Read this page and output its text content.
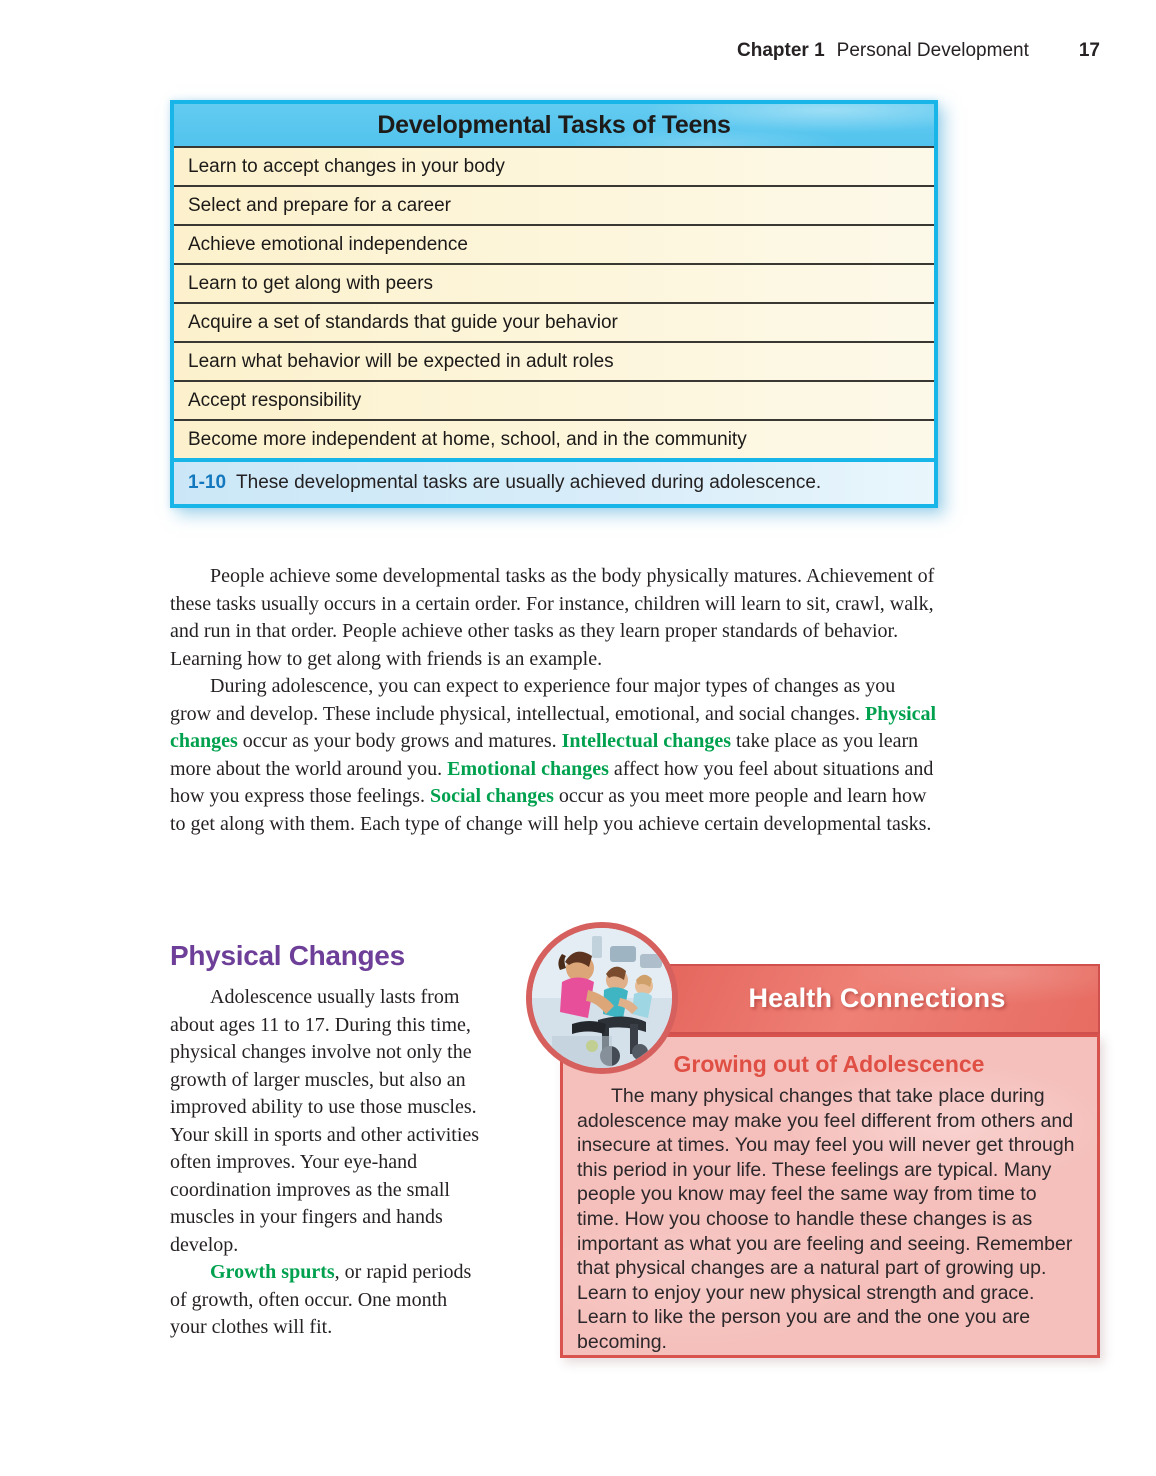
Chapter 1 Personal Development	17
Developmental Tasks of Teens
Learn to accept changes in your body
Select and prepare for a career
Achieve emotional independence
Learn to get along with peers
Acquire a set of standards that guide your behavior
Learn what behavior will be expected in adult roles
Accept responsibility
Become more independent at home, school, and in the community
1-10 These developmental tasks are usually achieved during adolescence.

People achieve some developmental tasks as the body physically matures. Achievement of these tasks usually occurs in a certain order. For instance, children will learn to sit, crawl, walk, and run in that order. People achieve other tasks as they learn proper standards of behavior. Learning how to get along with friends is an example.

During adolescence, you can expect to experience four major types of changes as you grow and develop. These include physical, intellectual, emotional, and social changes. Physical changes occur as your body grows and matures. Intellectual changes take place as you learn more about the world around you. Emotional changes affect how you feel about situations and how you express those feelings. Social changes occur as you meet more people and learn how to get along with them. Each type of change will help you achieve certain developmental tasks.

Physical Changes

Adolescence usually lasts from about ages 11 to 17. During this time, physical changes involve not only the growth of larger muscles, but also an improved ability to use those muscles. Your skill in sports and other activities often improves. Your eye-hand coordination improves as the small muscles in your fingers and hands develop.

Growth spurts, or rapid periods of growth, often occur. One month your clothes will fit.

Health Connections
Growing out of Adolescence

The many physical changes that take place during adolescence may make you feel different from others and insecure at times. You may feel you will never get through this period in your life. These feelings are typical. Many people you know may feel the same way from time to time. How you choose to handle these changes is as important as what you are feeling and seeing. Remember that physical changes are a natural part of growing up. Learn to enjoy your new physical strength and grace. Learn to like the person you are and the one you are becoming.
